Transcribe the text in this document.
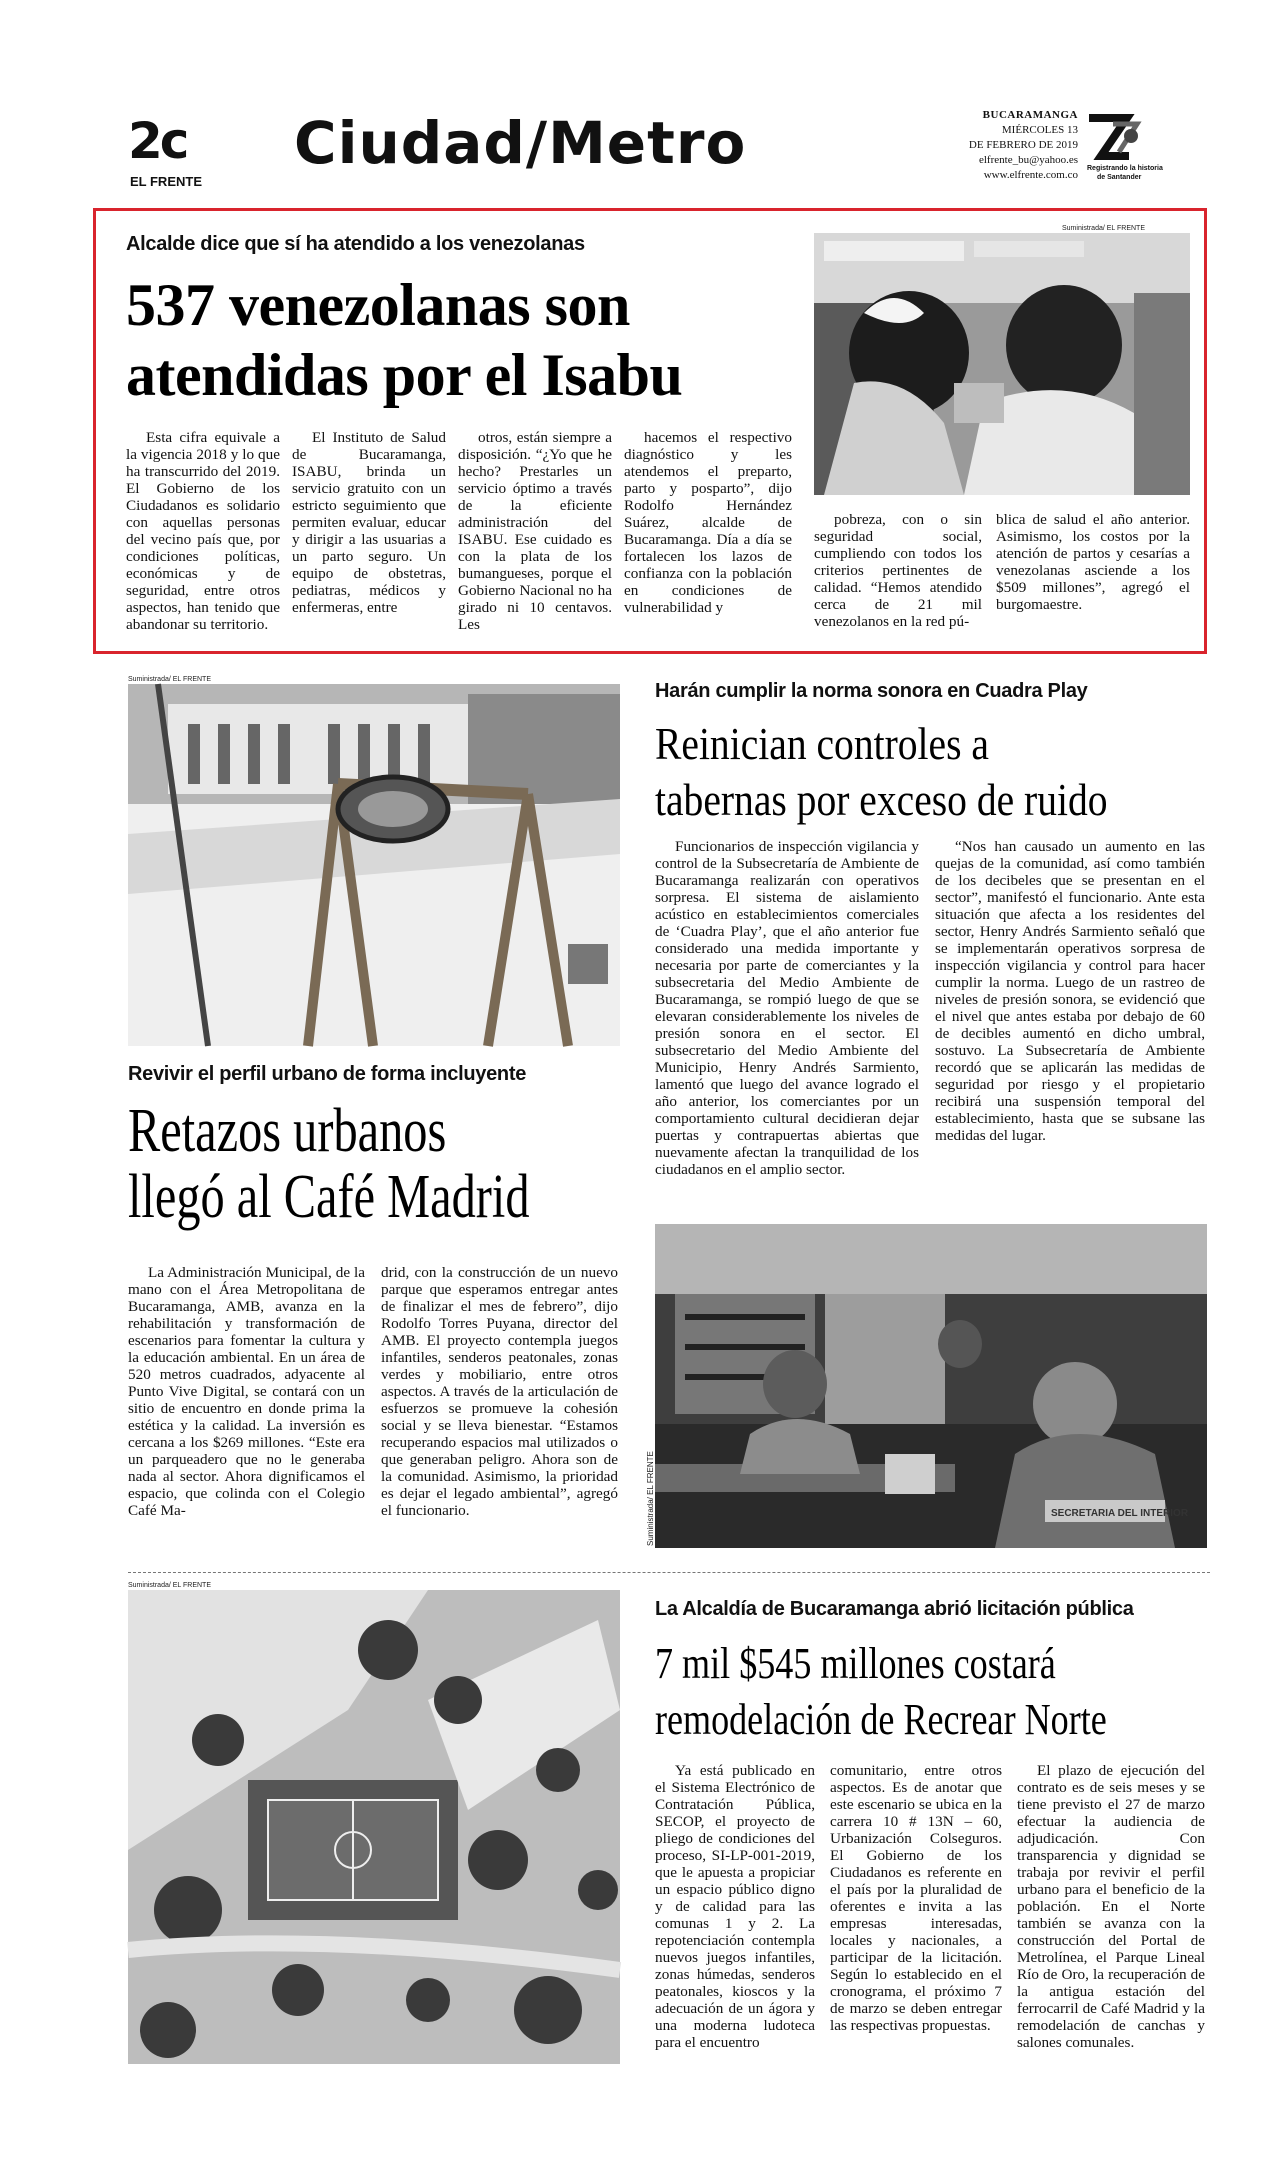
2c
EL FRENTE
Ciudad/Metro	BUCARAMANGA
MIÉRCOLES 13
DE FEBRERO DE 2019
elfrente_bu@yahoo.es
www.elfrente.com.co
Registrando la historia
de Santander
Alcalde dice que sí ha atendido a los venezolanas
537 venezolanas son
atendidas por el Isabu
Suministrada/ EL FRENTE

Esta cifra equivale a la vigencia 2018 y lo que ha transcurrido del 2019. El Gobierno de los Ciudadanos es solidario con aquellas personas del vecino país que, por condiciones políticas, económicas y de seguridad, entre otros aspectos, han tenido que abandonar su territorio.

El Instituto de Salud de Bucaramanga, ISABU, brinda un servicio gratuito con un estricto seguimiento que permiten evaluar, educar y dirigir a las usuarias a un parto seguro. Un equipo de obstetras, pediatras, médicos y enfermeras, entre

otros, están siempre a disposición. “¿Yo que he hecho? Prestarles un servicio óptimo a través de la eficiente administración del ISABU. Ese cuidado es con la plata de los bumangueses, porque el Gobierno Nacional no ha girado ni 10 centavos. Les

hacemos el respectivo diagnóstico y les atendemos el preparto, parto y posparto”, dijo Rodolfo Hernández Suárez, alcalde de Bucaramanga. Día a día se fortalecen los lazos de confianza con la población en condiciones de vulnerabilidad y

pobreza, con o sin seguridad social, cumpliendo con todos los criterios pertinentes de calidad. “Hemos atendido cerca de 21 mil venezolanos en la red pú-

blica de salud el año anterior. Asimismo, los costos por la atención de partos y cesarías a venezolanas asciende a los $509 millones”, agregó el burgomaestre.

Suministrada/ EL FRENTE
Revivir el perfil urbano de forma incluyente
Retazos urbanos
llegó al Café Madrid

La Administración Municipal, de la mano con el Área Metropolitana de Bucaramanga, AMB, avanza en la rehabilitación y transformación de escenarios para fomentar la cultura y la educación ambiental. En un área de 520 metros cuadrados, adyacente al Punto Vive Digital, se contará con un sitio de encuentro en donde prima la estética y la calidad. La inversión es cercana a los $269 millones. “Este era un parqueadero que no le generaba nada al sector. Ahora dignificamos el espacio, que colinda con el Colegio Café Ma-

drid, con la construcción de un nuevo parque que esperamos entregar antes de finalizar el mes de febrero”, dijo Rodolfo Torres Puyana, director del AMB. El proyecto contempla juegos infantiles, senderos peatonales, zonas verdes y mobiliario, entre otros aspectos. A través de la articulación de esfuerzos se promueve la cohesión social y se lleva bienestar. “Estamos recuperando espacios mal utilizados o que generaban peligro. Ahora son de la comunidad. Asimismo, la prioridad es dejar el legado ambiental”, agregó el funcionario.

Harán cumplir la norma sonora en Cuadra Play
Reinician controles a
tabernas por exceso de ruido

Funcionarios de inspección vigilancia y control de la Subsecretaría de Ambiente de Bucaramanga realizarán con operativos sorpresa. El sistema de aislamiento acústico en establecimientos comerciales de ‘Cuadra Play’, que el año anterior fue considerado una medida importante y necesaria por parte de comerciantes y la subsecretaria del Medio Ambiente de Bucaramanga, se rompió luego de que se elevaran considerablemente los niveles de presión sonora en el sector. El subsecretario del Medio Ambiente del Municipio, Henry Andrés Sarmiento, lamentó que luego del avance logrado el año anterior, los comerciantes por un comportamiento cultural decidieran dejar puertas y contrapuertas abiertas que nuevamente afectan la tranquilidad de los ciudadanos en el amplio sector.

“Nos han causado un aumento en las quejas de la comunidad, así como también de los decibeles que se presentan en el sector”, manifestó el funcionario. Ante esta situación que afecta a los residentes del sector, Henry Andrés Sarmiento señaló que se implementarán operativos sorpresa de inspección vigilancia y control para hacer cumplir la norma. Luego de un rastreo de niveles de presión sonora, se evidenció que el nivel que antes estaba por debajo de 60 de decibles aumentó en dicho umbral, sostuvo. La Subsecretaría de Ambiente recordó que se aplicarán las medidas de seguridad por riesgo y el propietario recibirá una suspensión temporal del establecimiento, hasta que se subsane las medidas del lugar.

Suministrada/ EL FRENTE	SECRETARIA DEL INTERIOR
Suministrada/ EL FRENTE
La Alcaldía de Bucaramanga abrió licitación pública
7 mil $545 millones costará
remodelación de Recrear Norte

Ya está publicado en el Sistema Electrónico de Contratación Pública, SECOP, el proyecto de pliego de condiciones del proceso, SI-LP-001-2019, que le apuesta a propiciar un espacio público digno y de calidad para las comunas 1 y 2. La repotenciación contempla nuevos juegos infantiles, zonas húmedas, senderos peatonales, kioscos y la adecuación de un ágora y una moderna ludoteca para el encuentro

comunitario, entre otros aspectos. Es de anotar que este escenario se ubica en la carrera 10 # 13N – 60, Urbanización Colseguros. El Gobierno de los Ciudadanos es referente en el país por la pluralidad de oferentes e invita a las empresas interesadas, locales y nacionales, a participar de la licitación. Según lo establecido en el cronograma, el próximo 7 de marzo se deben entregar las respectivas propuestas.

El plazo de ejecución del contrato es de seis meses y se tiene previsto el 27 de marzo efectuar la audiencia de adjudicación. Con transparencia y dignidad se trabaja por revivir el perfil urbano para el beneficio de la población. En el Norte también se avanza con la construcción del Portal de Metrolínea, el Parque Lineal Río de Oro, la recuperación de la antigua estación del ferrocarril de Café Madrid y la remodelación de canchas y salones comunales.
